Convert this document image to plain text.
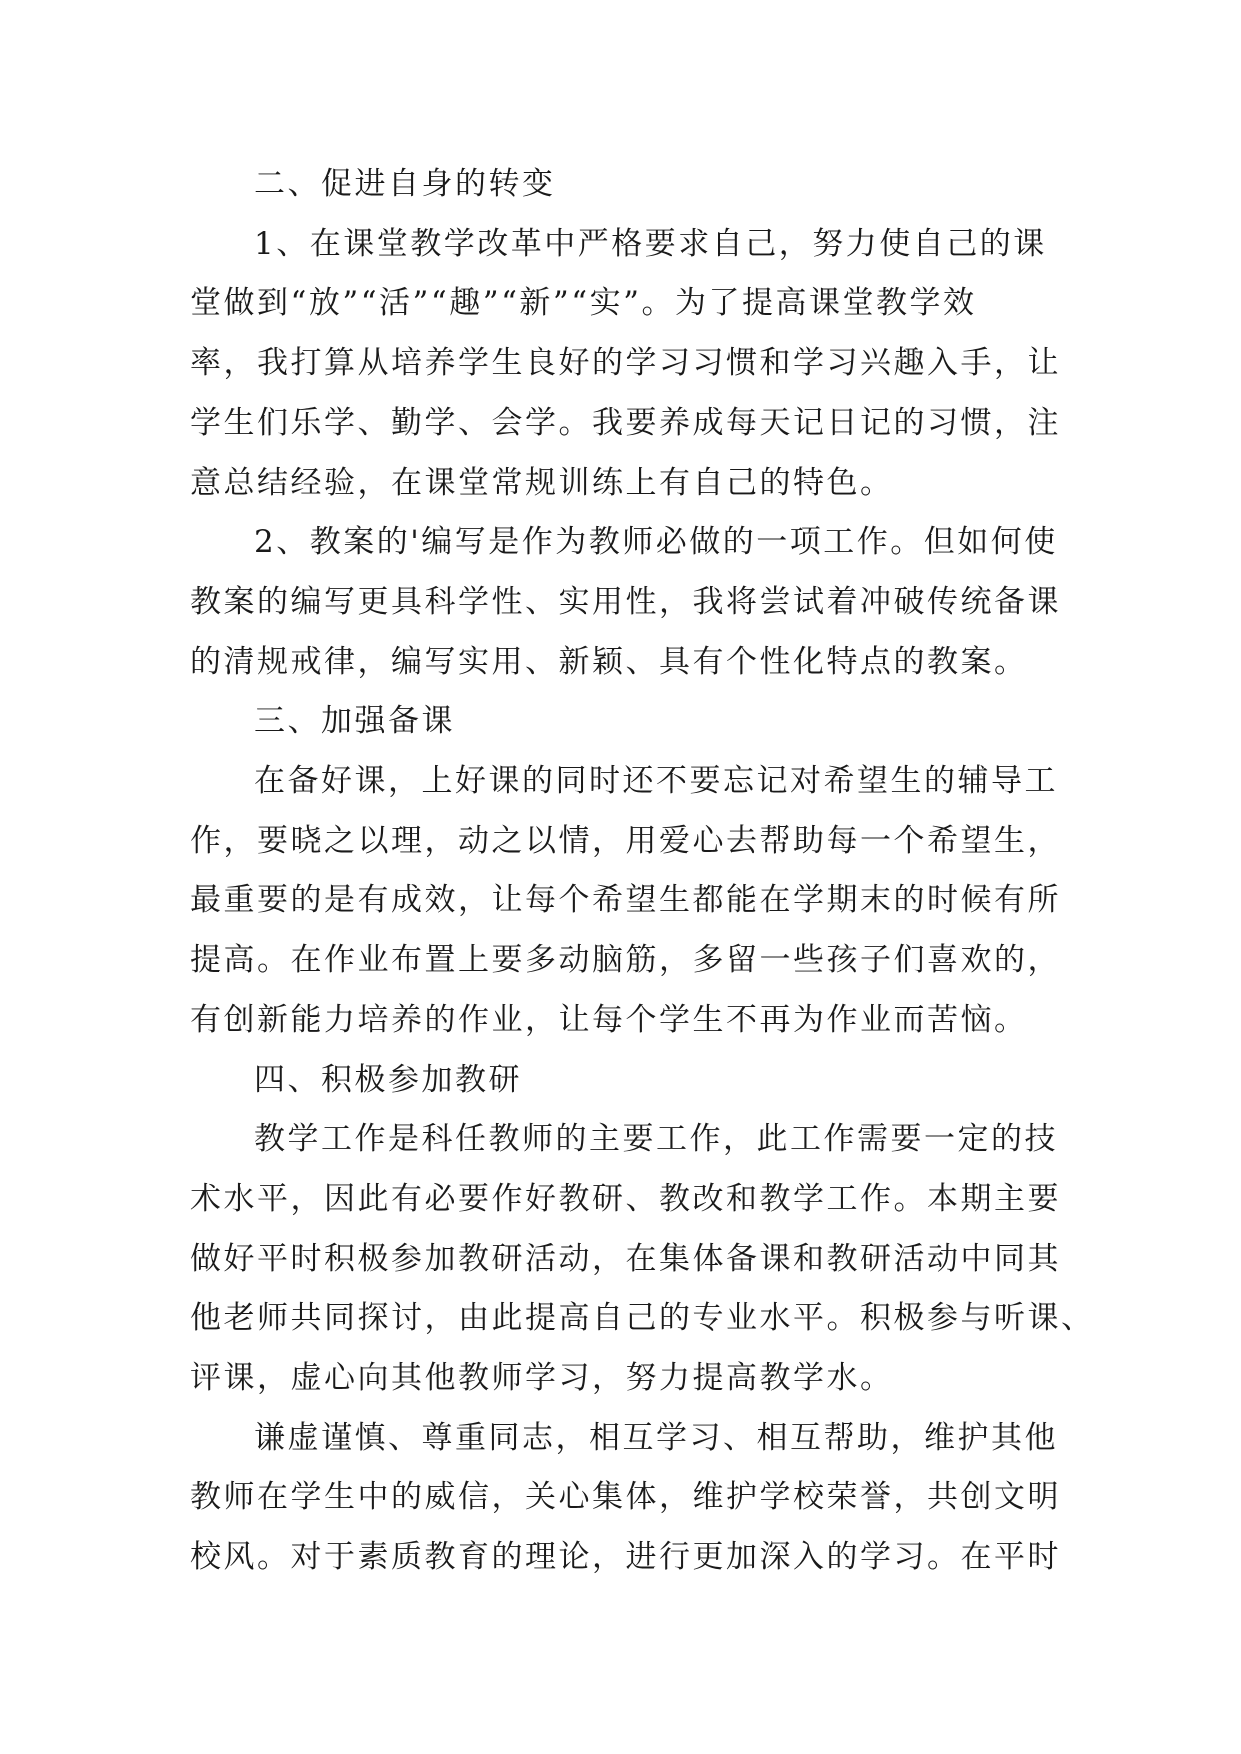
二、促进自身的转变

1、在课堂教学改革中严格要求自己，努力使自己的课
堂做到“放”“活”“趣”“新”“实”。为了提高课堂教学效
率，我打算从培养学生良好的学习习惯和学习兴趣入手，让
学生们乐学、勤学、会学。我要养成每天记日记的习惯，注
意总结经验，在课堂常规训练上有自己的特色。

2、教案的'编写是作为教师必做的一项工作。但如何使
教案的编写更具科学性、实用性，我将尝试着冲破传统备课
的清规戒律，编写实用、新颖、具有个性化特点的教案。

三、加强备课

在备好课，上好课的同时还不要忘记对希望生的辅导工
作，要晓之以理，动之以情，用爱心去帮助每一个希望生，
最重要的是有成效，让每个希望生都能在学期末的时候有所
提高。在作业布置上要多动脑筋，多留一些孩子们喜欢的，
有创新能力培养的作业，让每个学生不再为作业而苦恼。

四、积极参加教研

教学工作是科任教师的主要工作，此工作需要一定的技
术水平，因此有必要作好教研、教改和教学工作。本期主要
做好平时积极参加教研活动，在集体备课和教研活动中同其
他老师共同探讨，由此提高自己的专业水平。积极参与听课、
评课，虚心向其他教师学习，努力提高教学水。

谦虚谨慎、尊重同志，相互学习、相互帮助，维护其他
教师在学生中的威信，关心集体，维护学校荣誉，共创文明
校风。对于素质教育的理论，进行更加深入的学习。在平时
